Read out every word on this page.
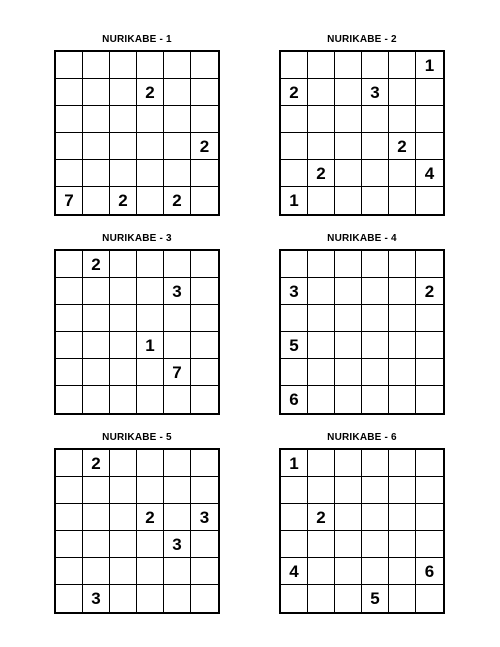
NURIKABE - 1
2
2
7	2	2
NURIKABE - 2
1
2	3
2
2	4
1
NURIKABE - 3
2
3
1
7
NURIKABE - 4
3	2
5
6
NURIKABE - 5
2
2	3
3
3
NURIKABE - 6
1
2
4	6
5
